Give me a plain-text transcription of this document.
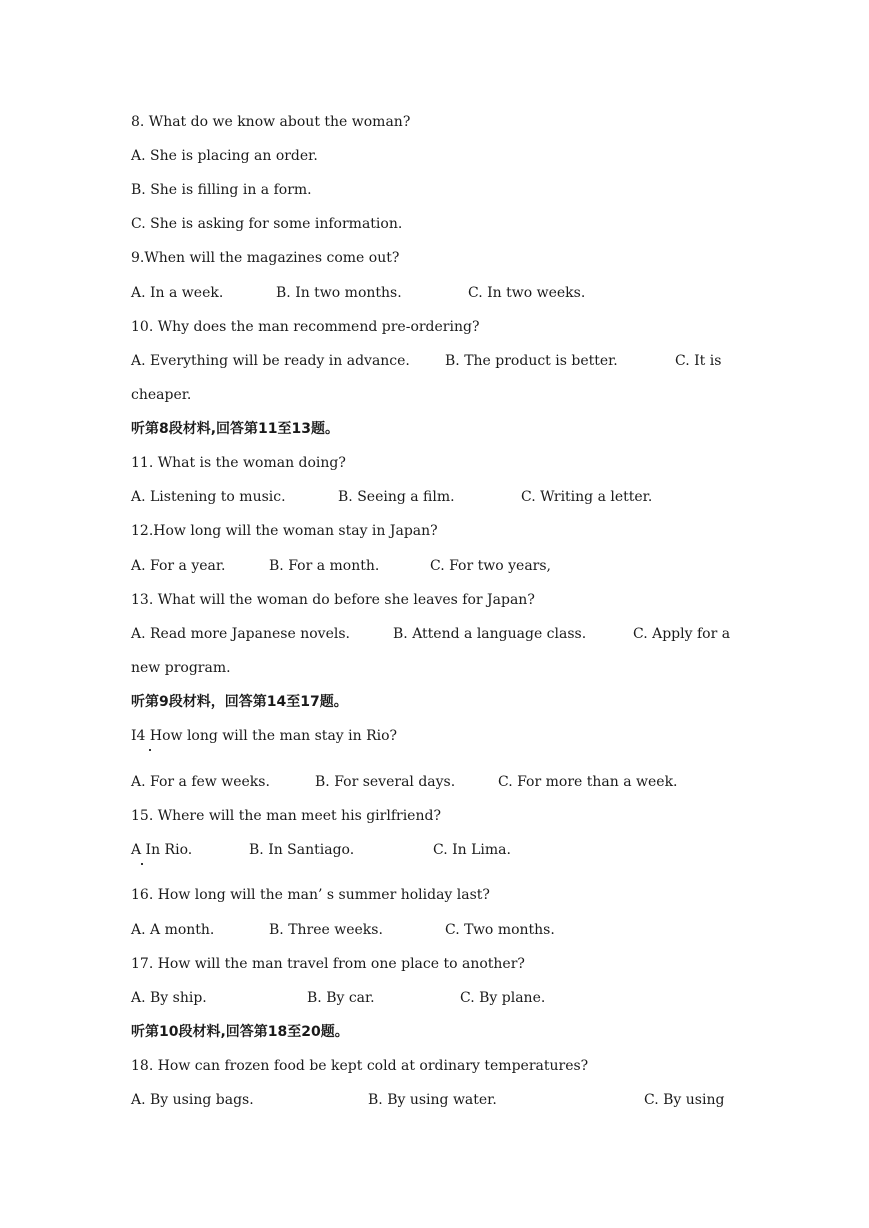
8. What do we know about the woman?
A. She is placing an order.
B. She is filling in a form.
C. She is asking for some information.
9.When will the magazines come out?
A. In a week.	B. In two months.	C. In two weeks.
10. Why does the man recommend pre-ordering?
A. Everything will be ready in advance.	B. The product is better.	C. It is
cheaper.
听第8段材料,回答第11至13题。
11. What is the woman doing?
A. Listening to music.	B. Seeing a film.	C. Writing a letter.
12.How long will the woman stay in Japan?
A. For a year.	B. For a month.	C. For two years,
13. What will the woman do before she leaves for Japan?
A. Read more Japanese novels.	B. Attend a language class.	C. Apply for a
new program.
听第9段材料，回答第14至17题。
I4 How long will the man stay in Rio?
A. For a few weeks.	B. For several days.	C. For more than a week.
15. Where will the man meet his girlfriend?
A In Rio.	B. In Santiago.	C. In Lima.
16. How long will the man’ s summer holiday last?
A. A month.	B. Three weeks.	C. Two months.
17. How will the man travel from one place to another?
A. By ship.	B. By car.	C. By plane.
听第10段材料,回答第18至20题。
18. How can frozen food be kept cold at ordinary temperatures?
A. By using bags.	B. By using water.	C. By using
